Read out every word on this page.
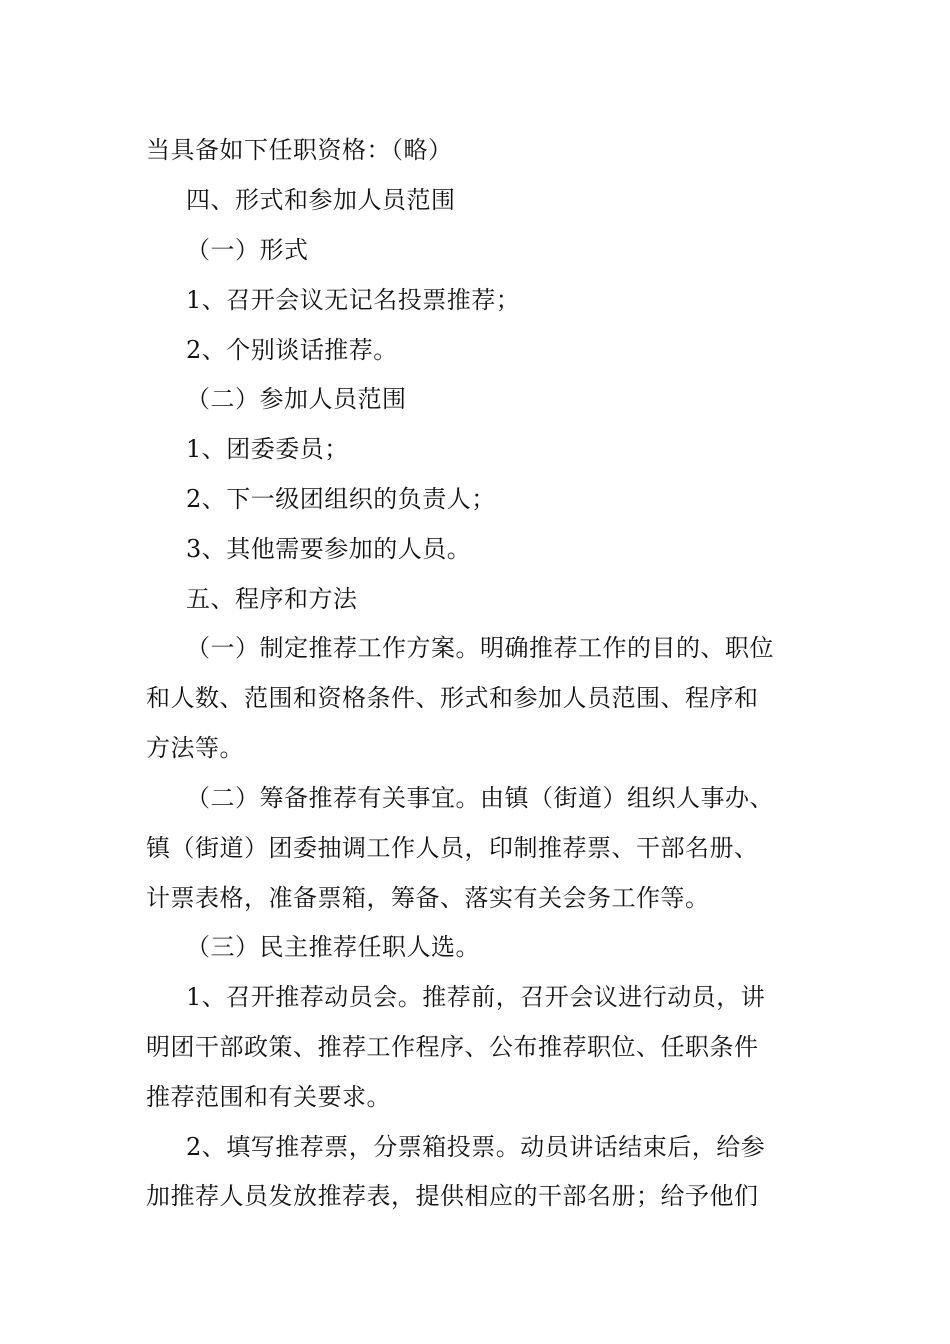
当具备如下任职资格：（略）
四、形式和参加人员范围
（一）形式
1、召开会议无记名投票推荐；
2、个别谈话推荐。
（二）参加人员范围
1、团委委员；
2、下一级团组织的负责人；
3、其他需要参加的人员。
五、程序和方法
（一）制定推荐工作方案。明确推荐工作的目的、职位
和人数、范围和资格条件、形式和参加人员范围、程序和
方法等。
（二）筹备推荐有关事宜。由镇（街道）组织人事办、
镇（街道）团委抽调工作人员，印制推荐票、干部名册、
计票表格，准备票箱，筹备、落实有关会务工作等。
（三）民主推荐任职人选。
1、召开推荐动员会。推荐前，召开会议进行动员，讲
明团干部政策、推荐工作程序、公布推荐职位、任职条件
推荐范围和有关要求。
2、填写推荐票，分票箱投票。动员讲话结束后，给参
加推荐人员发放推荐表，提供相应的干部名册；给予他们
